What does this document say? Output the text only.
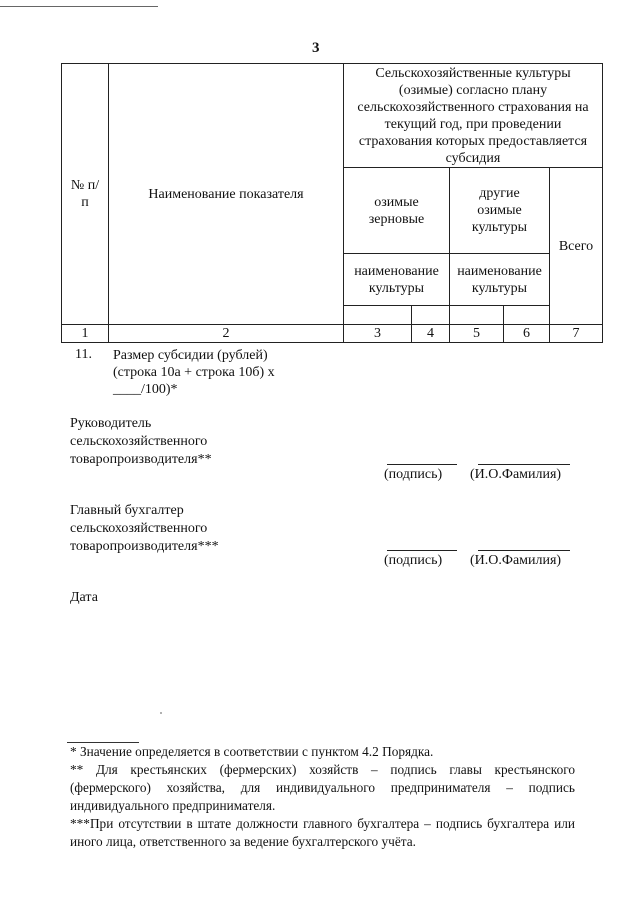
3
№ п/п	Наименование показателя	Сельскохозяйственные культуры (озимые) согласно плану сельскохозяйственного страхования на текущий год, при проведении страхования которых предоставляется субсидия				
		озимые зерновые		другие озимые культуры		Всего
		наименование культуры		наименование культуры		

1	2	3	4	5	6	7
11. Размер субсидии (рублей)
(строка 10а + строка 10б) x
____/100)*
Руководитель
сельскохозяйственного
товаропроизводителя**
(подпись) (И.О.Фамилия)
Главный бухгалтер
сельскохозяйственного
товаропроизводителя***
(подпись) (И.О.Фамилия)
Дата
* Значение определяется в соответствии с пунктом 4.2 Порядка.
** Для крестьянских (фермерских) хозяйств – подпись главы крестьянского (фермерского) хозяйства, для индивидуального предпринимателя – подпись индивидуального предпринимателя.
***При отсутствии в штате должности главного бухгалтера – подпись бухгалтера или иного лица, ответственного за ведение бухгалтерского учёта.
